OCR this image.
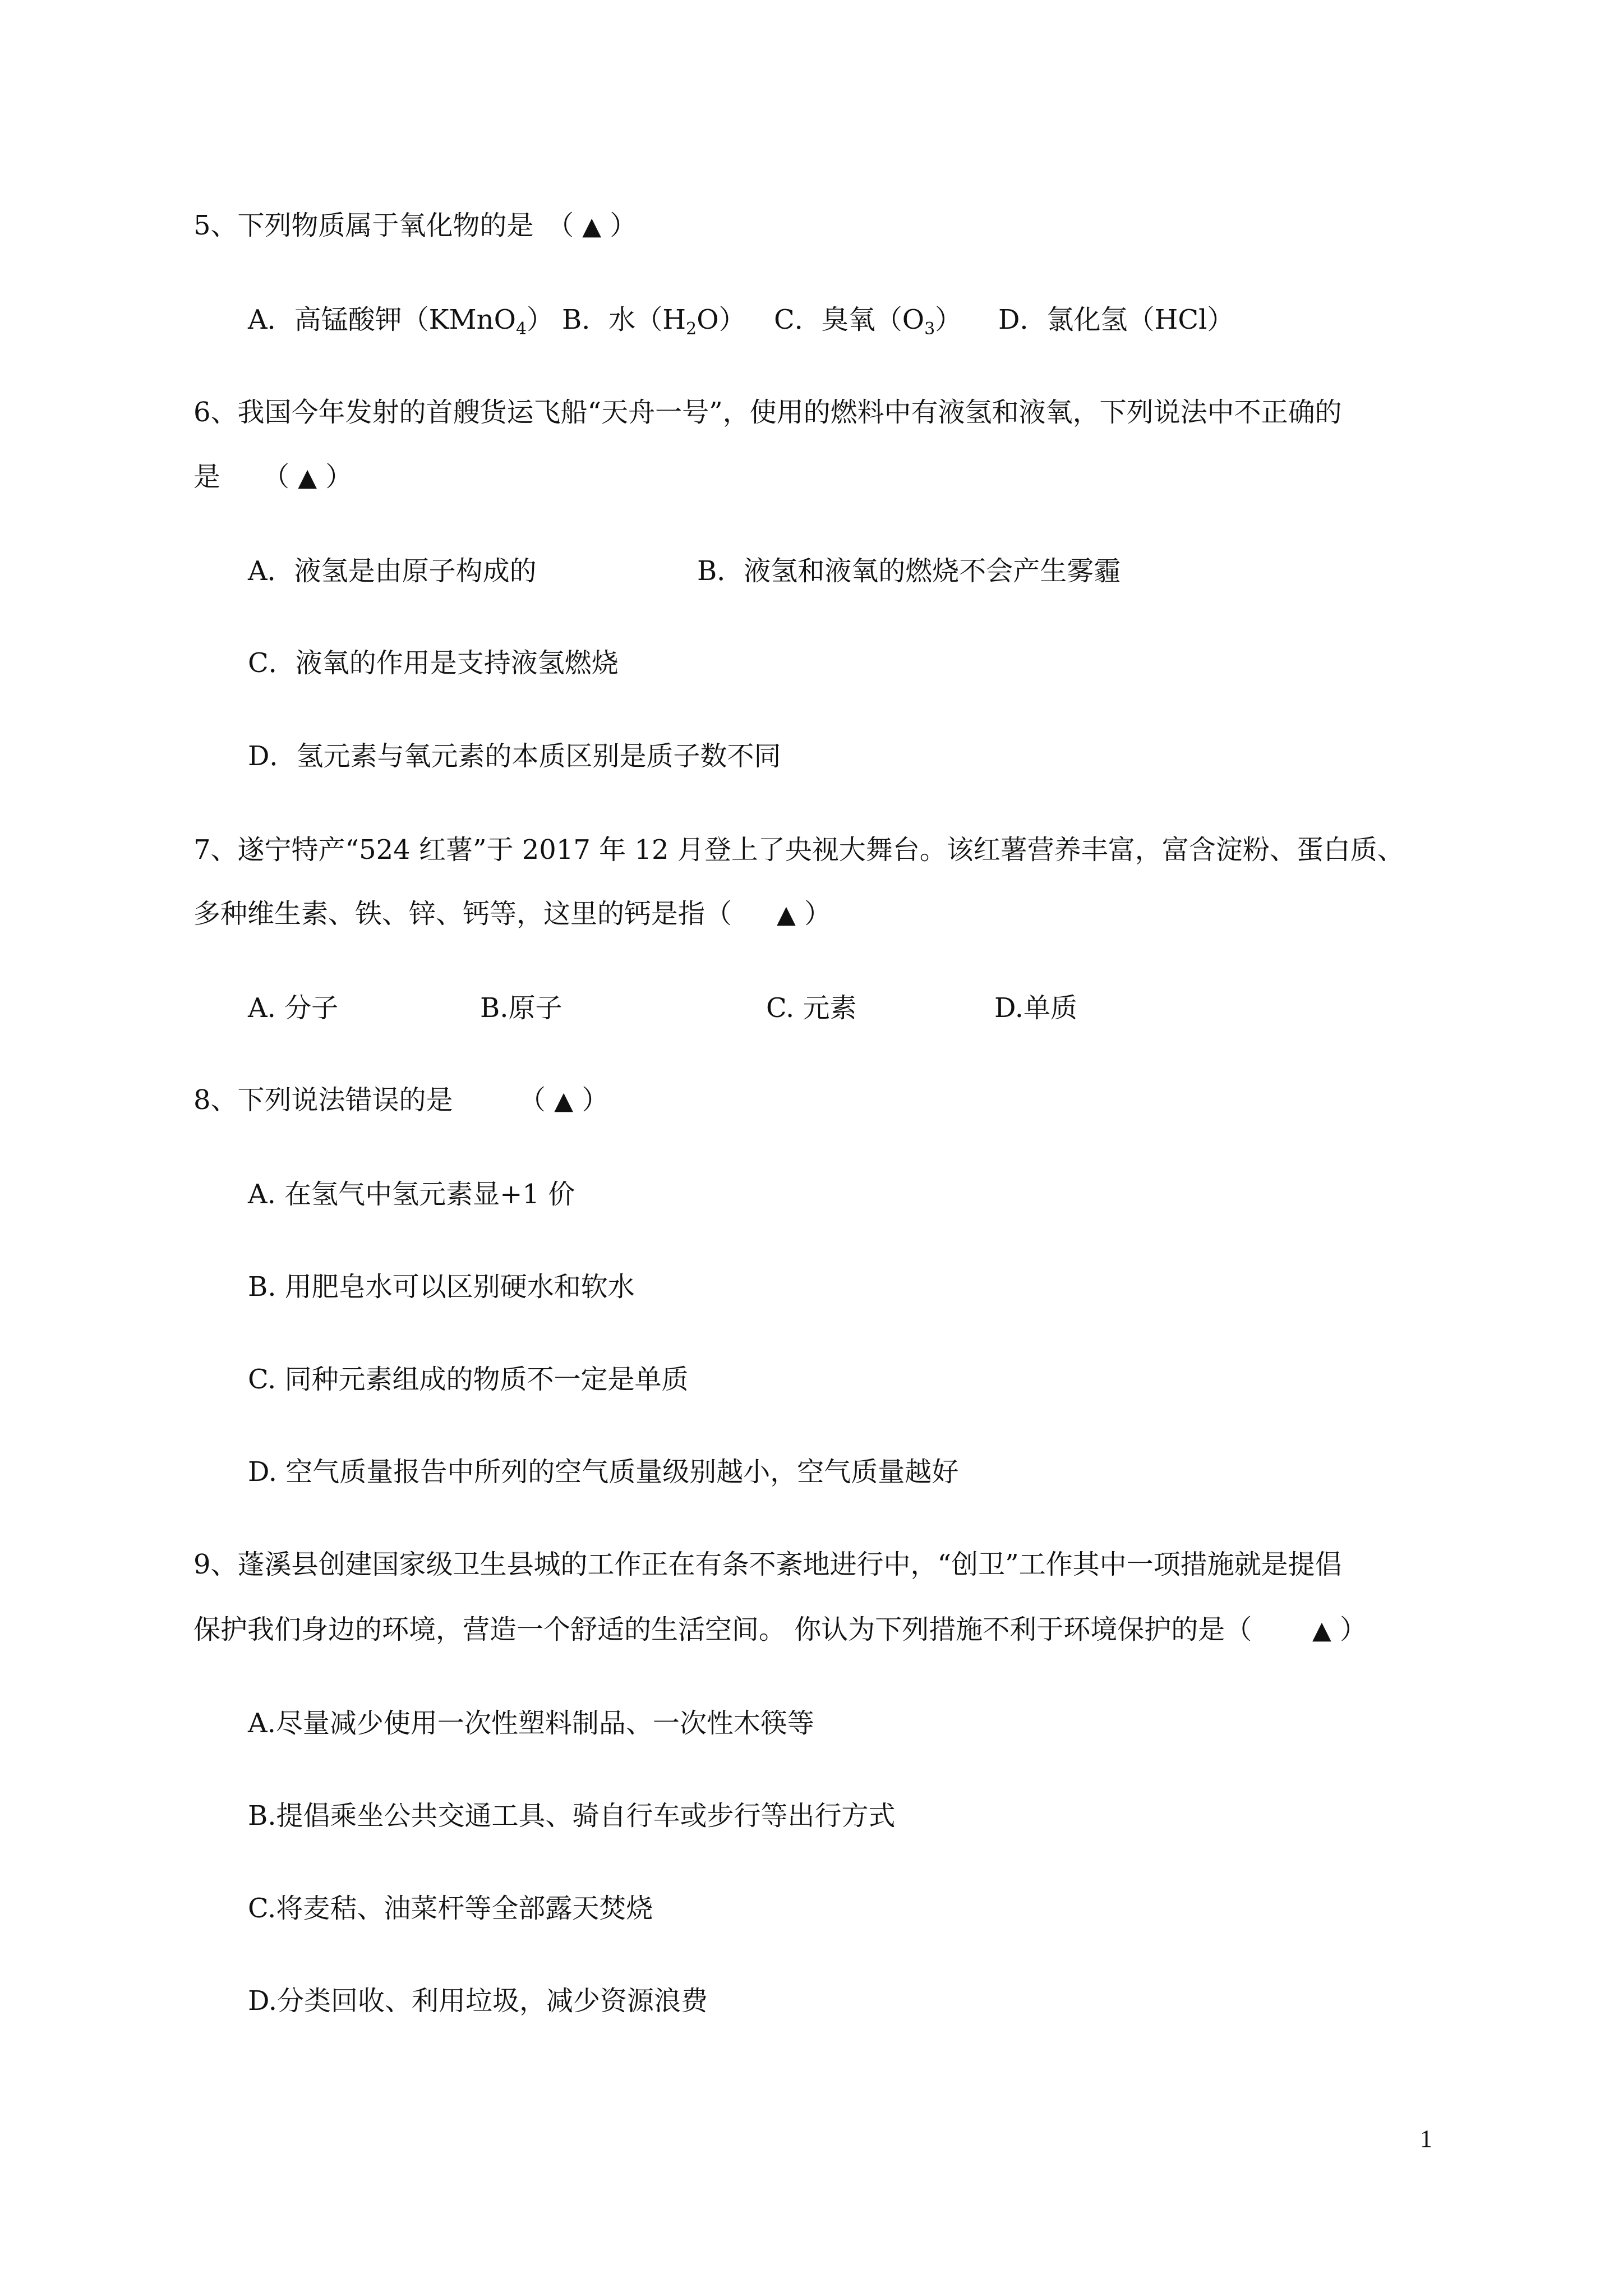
5、下列物质属于氧化物的是 （ ▲ ）
A．高锰酸钾（KMnO$_4$） B．水$(H_2O)$ C．臭氧$(O_3)$ D．氯化氢（HCl）
6、我国今年发射的首艘货运飞船“天舟一号”，使用的燃料中有液氢和液氧，下列说法中不正确的
是 （ ▲ ）
A．液氢是由原子构成的	B．液氢和液氧的燃烧不会产生雾霾
C．液氧的作用是支持液氢燃烧
D．氢元素与氧元素的本质区别是质子数不同
7、遂宁特产“524 红薯”于 2017 年 12 月登上了央视大舞台。该红薯营养丰富，富含淀粉、蛋白质、
多种维生素、铁、锌、钙等，这里的钙是指（ ▲ ）
A. 分子	B.原子	C. 元素	D.单质
8、下列说法错误的是 （ ▲ ）
A. 在氢气中氢元素显+1 价
B. 用肥皂水可以区别硬水和软水
C. 同种元素组成的物质不一定是单质
D. 空气质量报告中所列的空气质量级别越小，空气质量越好
9、蓬溪县创建国家级卫生县城的工作正在有条不紊地进行中，“创卫”工作其中一项措施就是提倡
保护我们身边的环境，营造一个舒适的生活空间。 你认为下列措施不利于环境保护的是（ ▲ ）
A.尽量减少使用一次性塑料制品、一次性木筷等
B.提倡乘坐公共交通工具、骑自行车或步行等出行方式
C.将麦秸、油菜杆等全部露天焚烧
D.分类回收、利用垃圾，减少资源浪费
1
